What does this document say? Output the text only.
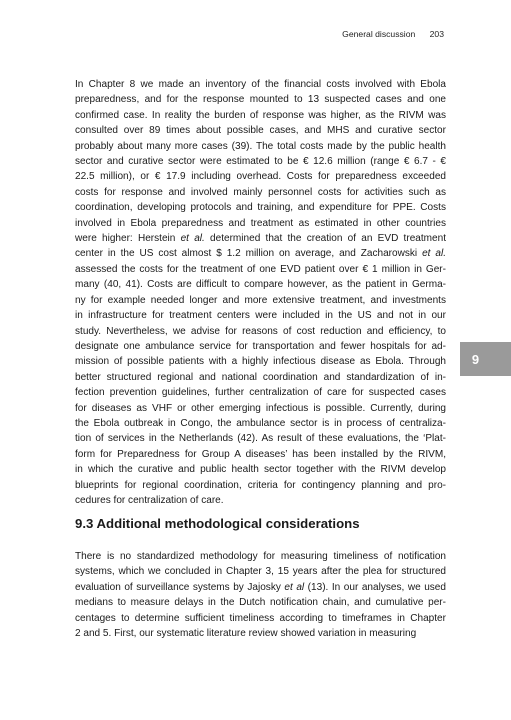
General discussion 203

In Chapter 8 we made an inventory of the financial costs involved with Ebola

preparedness, and for the response mounted to 13 suspected cases and one

confirmed case. In reality the burden of response was higher, as the RIVM was

consulted over 89 times about possible cases, and MHS and curative sector

probably about many more cases (39). The total costs made by the public health

sector and curative sector were estimated to be € 12.6 million (range € 6.7 - €

22.5 million), or € 17.9 including overhead. Costs for preparedness exceeded

costs for response and involved mainly personnel costs for activities such as

coordination, developing protocols and training, and expenditure for PPE. Costs

involved in Ebola preparedness and treatment as estimated in other countries

were higher: Herstein et al. determined that the creation of an EVD treatment

center in the US cost almost $ 1.2 million on average, and Zacharowski et al.

assessed the costs for the treatment of one EVD patient over € 1 million in Ger-

many (40, 41). Costs are difficult to compare however, as the patient in Germa-

ny for example needed longer and more extensive treatment, and investments

in infrastructure for treatment centers were included in the US and not in our

study. Nevertheless, we advise for reasons of cost reduction and efficiency, to

designate one ambulance service for transportation and fewer hospitals for ad-

mission of possible patients with a highly infectious disease as Ebola. Through

better structured regional and national coordination and standardization of in-

fection prevention guidelines, further centralization of care for suspected cases

for diseases as VHF or other emerging infectious is possible. Currently, during

the Ebola outbreak in Congo, the ambulance sector is in process of centraliza-

tion of services in the Netherlands (42). As result of these evaluations, the ‘Plat-

form for Preparedness for Group A diseases’ has been installed by the RIVM,

in which the curative and public health sector together with the RIVM develop

blueprints for regional coordination, criteria for contingency planning and pro-

cedures for centralization of care.

9.3 Additional methodological considerations

There is no standardized methodology for measuring timeliness of notification

systems, which we concluded in Chapter 3, 15 years after the plea for structured

evaluation of surveillance systems by Jajosky et al (13). In our analyses, we used

medians to measure delays in the Dutch notification chain, and cumulative per-

centages to determine sufficient timeliness according to timeframes in Chapter

2 and 5. First, our systematic literature review showed variation in measuring

9
